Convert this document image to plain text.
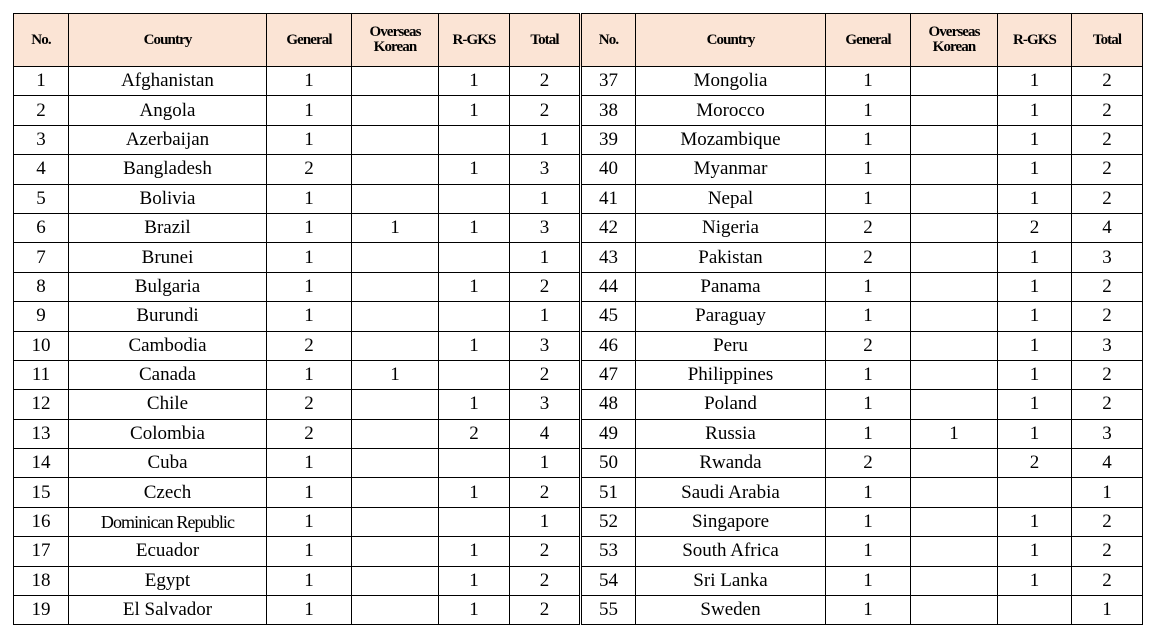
No.	Country	General	Overseas Korean	R-GKS	Total	No.	Country	General	Overseas Korean	R-GKS	Total
1	Afghanistan	1		1	2	37	Mongolia	1		1	2
2	Angola	1		1	2	38	Morocco	1		1	2
3	Azerbaijan	1			1	39	Mozambique	1		1	2
4	Bangladesh	2		1	3	40	Myanmar	1		1	2
5	Bolivia	1			1	41	Nepal	1		1	2
6	Brazil	1	1	1	3	42	Nigeria	2		2	4
7	Brunei	1			1	43	Pakistan	2		1	3
8	Bulgaria	1		1	2	44	Panama	1		1	2
9	Burundi	1			1	45	Paraguay	1		1	2
10	Cambodia	2		1	3	46	Peru	2		1	3
11	Canada	1	1		2	47	Philippines	1		1	2
12	Chile	2		1	3	48	Poland	1		1	2
13	Colombia	2		2	4	49	Russia	1	1	1	3
14	Cuba	1			1	50	Rwanda	2		2	4
15	Czech	1		1	2	51	Saudi Arabia	1			1
16	Dominican Republic	1			1	52	Singapore	1		1	2
17	Ecuador	1		1	2	53	South Africa	1		1	2
18	Egypt	1		1	2	54	Sri Lanka	1		1	2
19	El Salvador	1		1	2	55	Sweden	1			1
